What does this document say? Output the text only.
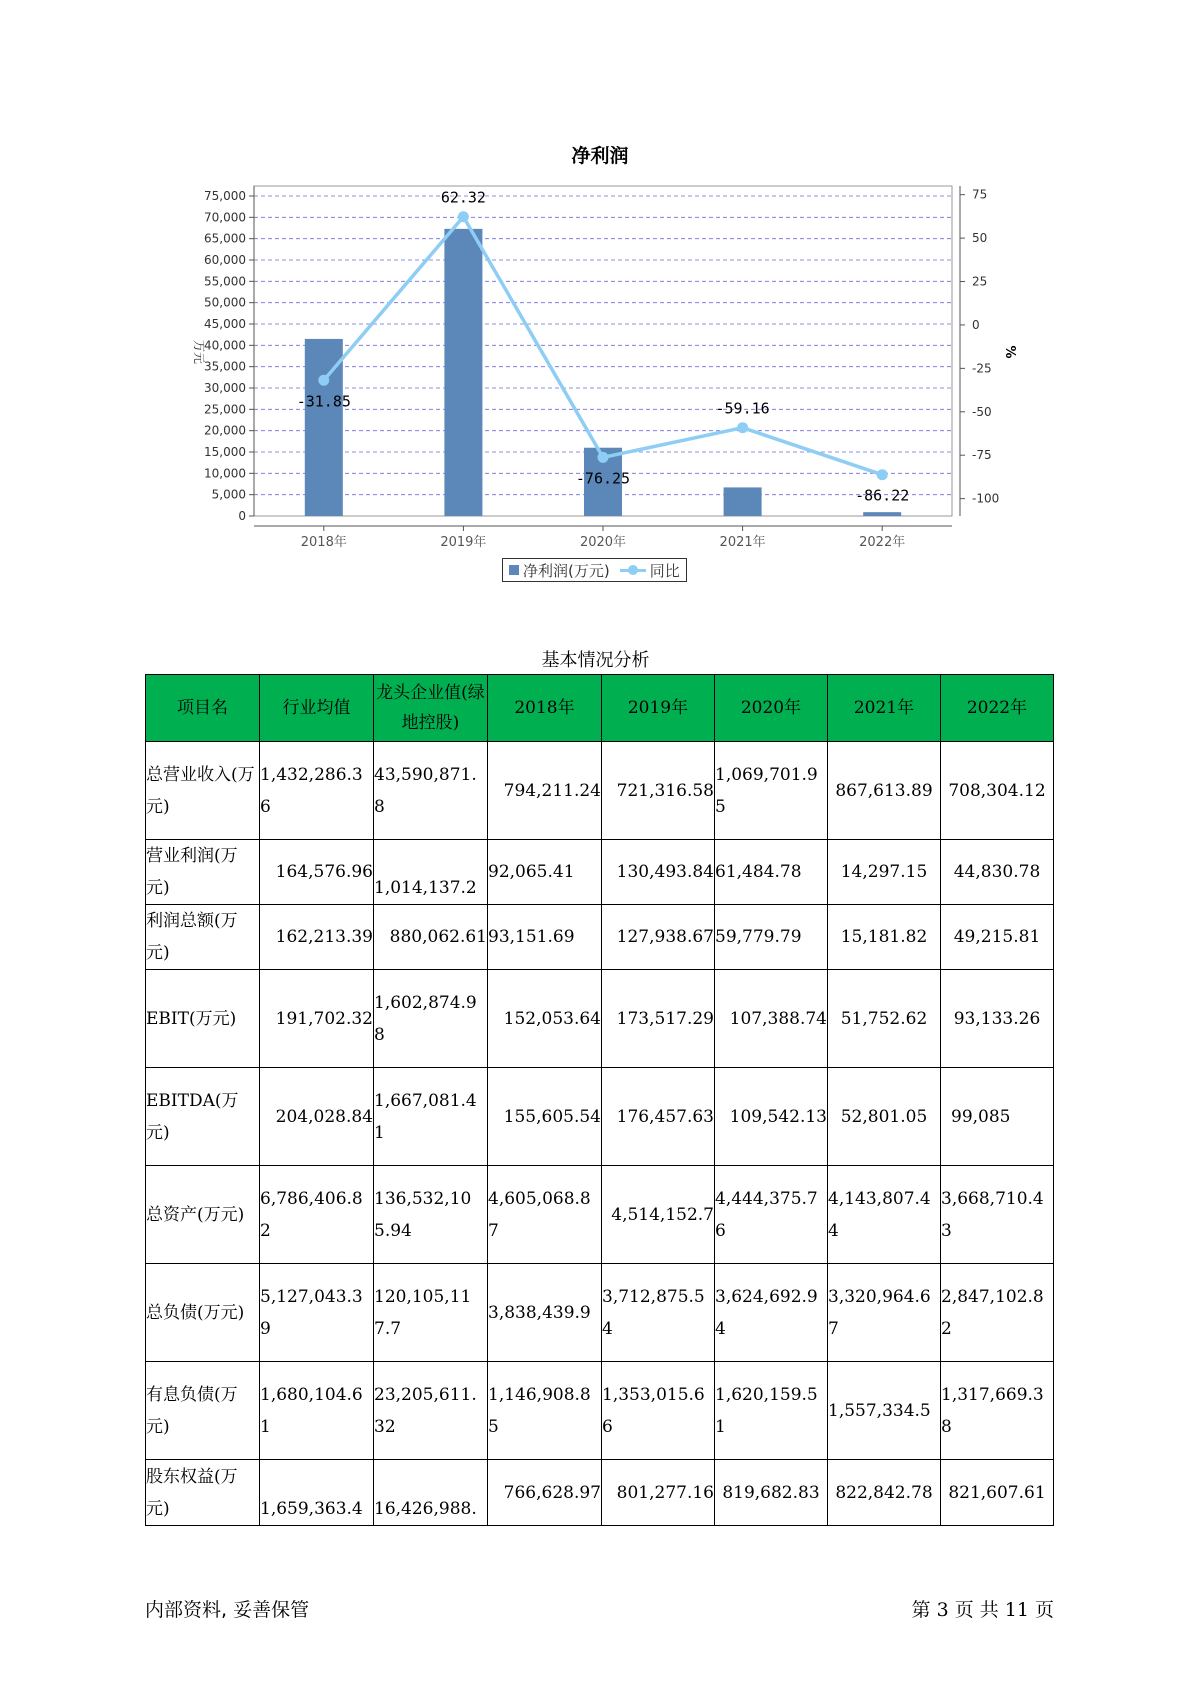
净利润
0
5,000
10,000
15,000
20,000
25,000
30,000
35,000
40,000
45,000
50,000
55,000
60,000
65,000
70,000
75,000	75
50
25
0
-25
-50
-75
-100
-31.85
62.32
-76.25
-59.16
-86.22
2018年	2019年	2020年	2021年	2022年
万元	%
净利润(万元)	同比
基本情况分析
项目名	行业均值	龙头企业值(绿地控股)	2018年	2019年	2020年	2021年	2022年
总营业收入(万元)	1,432,286.36	43,590,871.8	794,211.24	721,316.58	1,069,701.95	867,613.89	708,304.12
营业利润(万元)	164,576.96	1,014,137.2	92,065.41	130,493.84	61,484.78	14,297.15	44,830.78
利润总额(万元)	162,213.39	880,062.61	93,151.69	127,938.67	59,779.79	15,181.82	49,215.81
EBIT(万元)	191,702.32	1,602,874.98	152,053.64	173,517.29	107,388.74	51,752.62	93,133.26
EBITDA(万元)	204,028.84	1,667,081.41	155,605.54	176,457.63	109,542.13	52,801.05	99,085
总资产(万元)	6,786,406.82	136,532,105.94	4,605,068.87	4,514,152.7	4,444,375.76	4,143,807.44	3,668,710.43
总负债(万元)	5,127,043.39	120,105,117.7	3,838,439.9	3,712,875.54	3,624,692.94	3,320,964.67	2,847,102.82
有息负债(万元)	1,680,104.61	23,205,611.32	1,146,908.85	1,353,015.66	1,620,159.51	1,557,334.5	1,317,669.38
股东权益(万元)	1,659,363.4	16,426,988.	766,628.97	801,277.16	819,682.83	822,842.78	821,607.61
内部资料, 妥善保管	第 3 页 共 11 页
